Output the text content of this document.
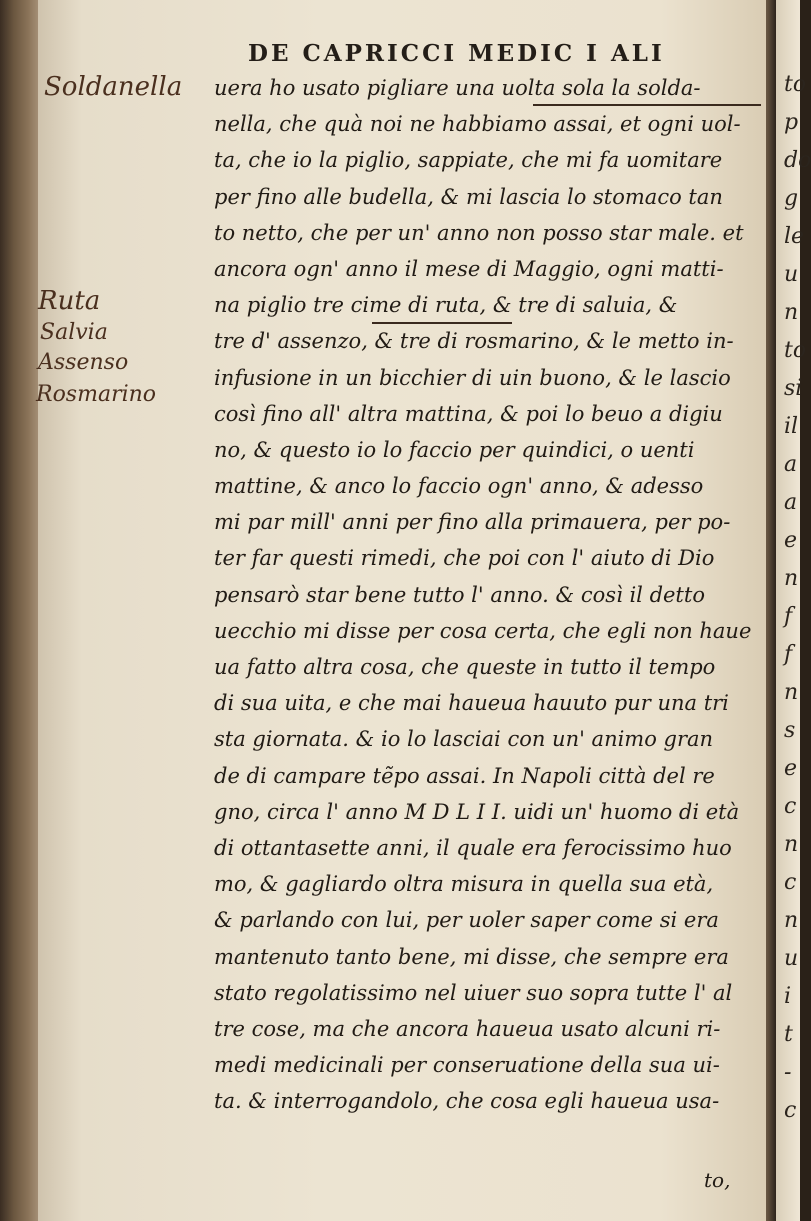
to
p
do
g
le
u
n
to
si
il
a
a
e
n
f
f
n
s
e
c
n
c
n
u
i
t
-
c
DE CAPRICCI MEDIC I ALI
Soldanella
Ruta
Salvia
Assenso
Rosmarino
uera ho usato pigliare una uolta sola la solda-
nella, che quà noi ne habbiamo assai, et ogni uol-
ta, che io la piglio, sappiate, che mi fa uomitare
per fino alle budella, & mi lascia lo stomaco tan
to netto, che per un' anno non posso star male. et
ancora ogn' anno il mese di Maggio, ogni matti-
na piglio tre cime di ruta, & tre di saluia, &
tre d' assenzo, & tre di rosmarino, & le metto in-
infusione in un bicchier di uin buono, & le lascio
così fino all' altra mattina, & poi lo beuo a digiu
no, & questo io lo faccio per quindici, o uenti
mattine, & anco lo faccio ogn' anno, & adesso
mi par mill' anni per fino alla primauera, per po-
ter far questi rimedi, che poi con l' aiuto di Dio
pensarò star bene tutto l' anno. & così il detto
uecchio mi disse per cosa certa, che egli non haue
ua fatto altra cosa, che queste in tutto il tempo
di sua uita, e che mai haueua hauuto pur una tri
sta giornata. & io lo lasciai con un' animo gran
de di campare tẽpo assai. In Napoli città del re
gno, circa l' anno M D L I I. uidi un' huomo di età
di ottantasette anni, il quale era ferocissimo huo
mo, & gagliardo oltra misura in quella sua età,
& parlando con lui, per uoler saper come si era
mantenuto tanto bene, mi disse, che sempre era
stato regolatissimo nel uiuer suo sopra tutte l' al
tre cose, ma che ancora haueua usato alcuni ri-
medi medicinali per conseruatione della sua ui-
ta. & interrogandolo, che cosa egli haueua usa-
to,
